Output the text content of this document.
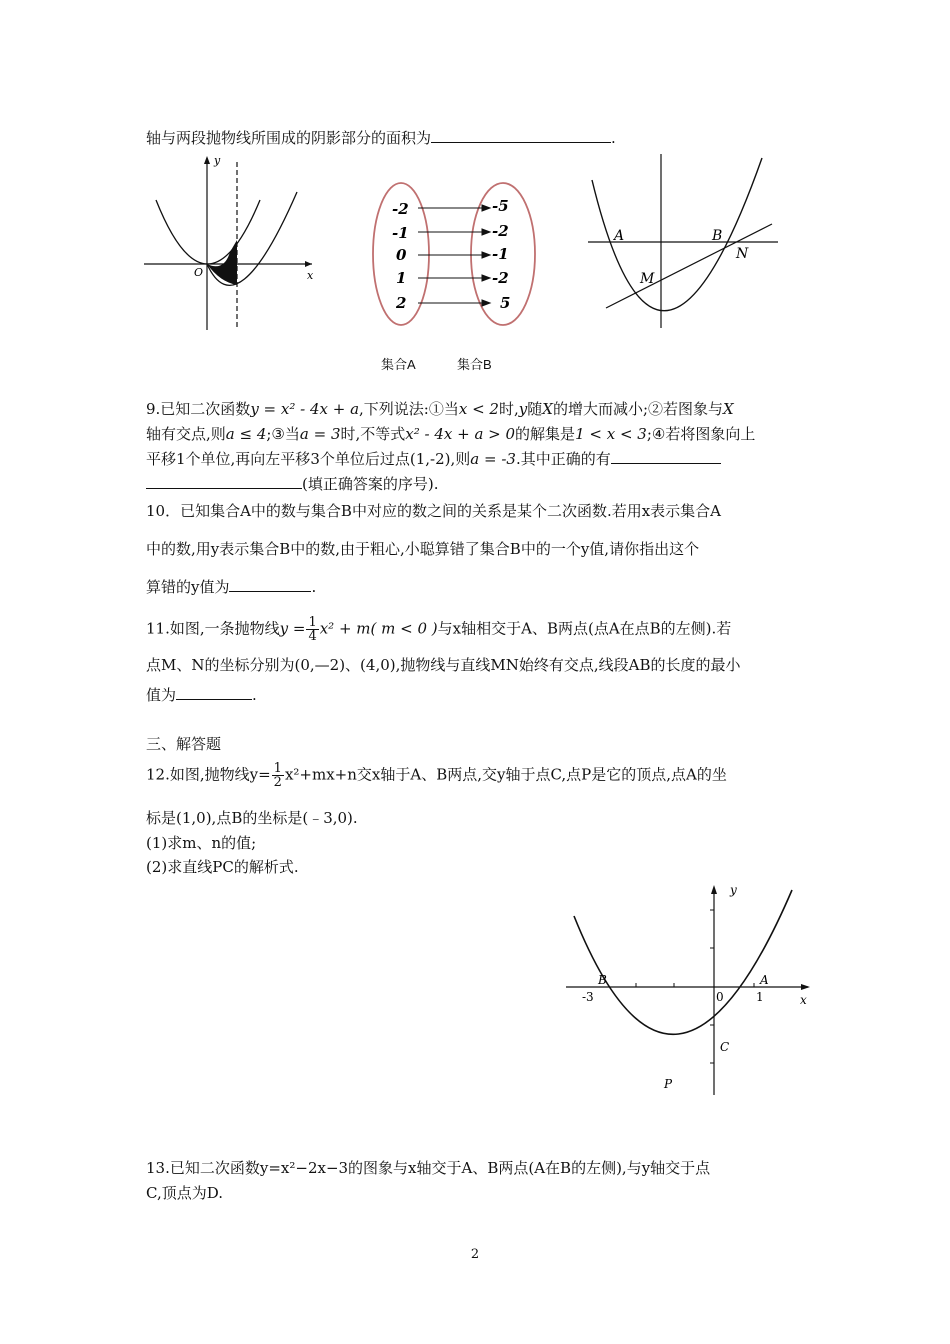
轴与两段抛物线所围成的阴影部分的面积为	.
y
x
O
-2
-1
0
1
2
-5
-2
-1
-2
5
集合A	集合B
A	B
N
M
9.已知二次函数y = x² - 4x + a,下列说法:①当x < 2时,y随X的增大而减小;②若图象与X
轴有交点,则a ≤ 4;③当a = 3时,不等式x² - 4x + a > 0的解集是1 < x < 3;④若将图象向上
平移1个单位,再向左平移3个单位后过点(1,-2),则a = -3.其中正确的有
(填正确答案的序号).
10．已知集合A中的数与集合B中对应的数之间的关系是某个二次函数.若用x表示集合A
中的数,用y表示集合B中的数,由于粗心,小聪算错了集合B中的一个y值,请你指出这个
算错的y值为	.
11.如图,一条抛物线$y = \frac{1}{4} x^2 + m$( m < 0 )与x轴相交于A、B两点(点A在点B的左侧).若
点M、N的坐标分别为(0,—2)、(4,0),抛物线与直线MN始终有交点,线段AB的长度的最小
值为	.
三、解答题
12.如图,抛物线$y= \frac{1}{2} x^2+mx+n$交x轴于A、B两点,交y轴于点C,点P是它的顶点,点A的坐
标是(1,0),点B的坐标是(﹣3,0).
(1)求m、n的值;
(2)求直线PC的解析式.
y
x
B	A
C
P
-3	0	1
13.已知二次函数y=x²−2x−3的图象与x轴交于A、B两点(A在B的左侧),与y轴交于点
C,顶点为D.
2
